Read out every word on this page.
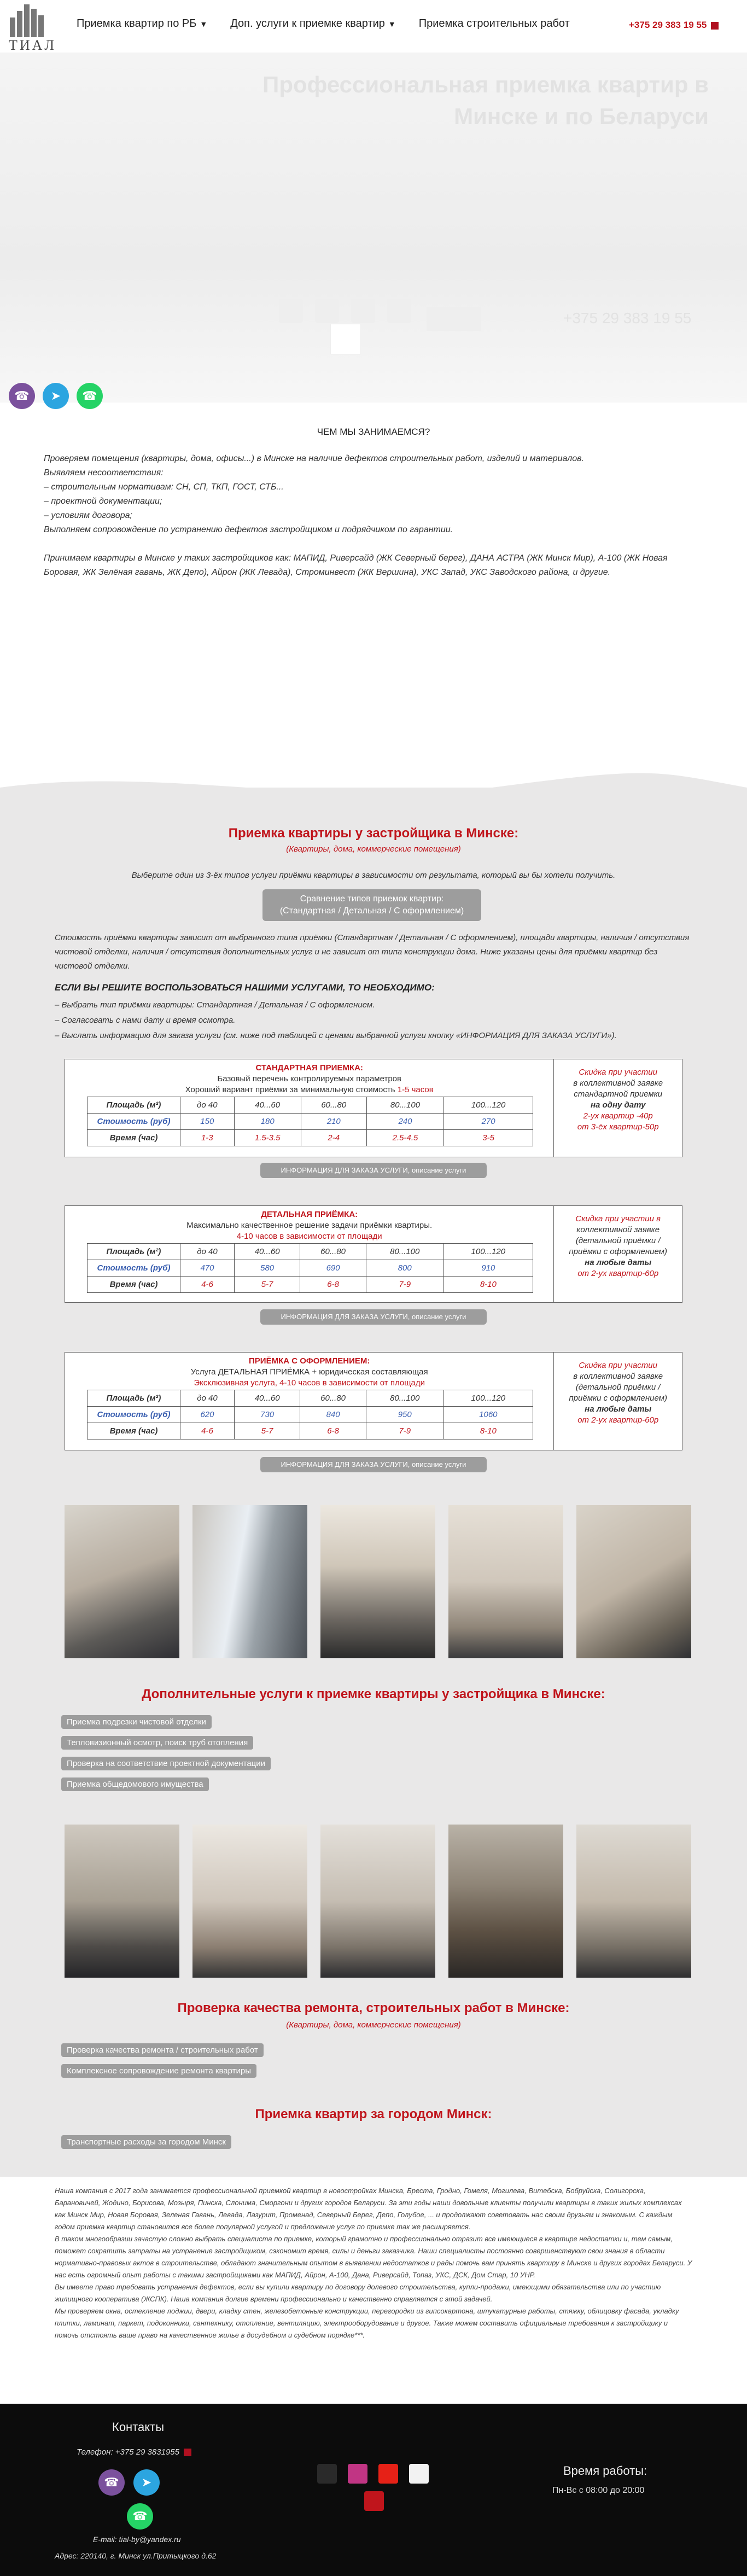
ТИАЛ
Приемка квартир по РБ ▼ Доп. услуги к приемке квартир ▼ Приемка строительных работ	+375 29 383 19 55
Профессиональная приемка квартир в Минске и по Беларуси
+375 29 383 19 55
☎	➤	☎
ЧЕМ МЫ ЗАНИМАЕМСЯ?

Проверяем помещения (квартиры, дома, офисы...) в Минске на наличие дефектов строительных работ, изделий и материалов.

Выявляем несоответствия:

– строительным нормативам: СН, СП, ТКП, ГОСТ, СТБ...

– проектной документации;

– условиям договора;

Выполняем сопровождение по устранению дефектов застройщиком и подрядчиком по гарантии.

Принимаем квартиры в Минске у таких застройщиков как: МАПИД, Риверсайд (ЖК Северный берег), ДАНА АСТРА (ЖК Минск Мир), А-100 (ЖК Новая Боровая, ЖК Зелёная гавань, ЖК Депо), Айрон (ЖК Левада), Строминвест (ЖК Вершина), УКС Запад, УКС Заводского района, и другие.

Приемка квартиры у застройщика в Минске:
(Квартиры, дома, коммерческие помещения)
Выберите один из 3-ёх типов услуги приёмки квартиры в зависимости от результата, который вы бы хотели получить.
Сравнение типов приемок квартир:
(Стандартная / Детальная / С оформлением)
Стоимость приёмки квартиры зависит от выбранного типа приёмки (Стандартная / Детальная / С оформлением), площади квартиры, наличия / отсутствия чистовой отделки, наличия / отсутствия дополнительных услуг и не зависит от типа конструкции дома. Ниже указаны цены для приёмки квартир без чистовой отделки.
ЕСЛИ ВЫ РЕШИТЕ ВОСПОЛЬЗОВАТЬСЯ НАШИМИ УСЛУГАМИ, ТО НЕОБХОДИМО:
– Выбрать тип приёмки квартиры: Стандартная / Детальная / С оформлением.
– Согласовать с нами дату и время осмотра.
– Выслать информацию для заказа услуги (см. ниже под таблицей с ценами выбранной услуги кнопку «ИНФОРМАЦИЯ ДЛЯ ЗАКАЗА УСЛУГИ»).
СТАНДАРТНАЯ ПРИЕМКА:
Базовый перечень контролируемых параметров
Хороший вариант приёмки за минимальную стоимость 1-5 часов
Площадь (м²)	до 40	40...60	60...80	80...100	100...120
Стоимость (руб)	150	180	210	240	270
Время (час)	1-3	1.5-3.5	2-4	2.5-4.5	3-5
Скидка при участии
в коллективной заявке
стандартной приемки
на одну дату
2-ух квартир -40р
от 3-ёх квартир-50р
ИНФОРМАЦИЯ ДЛЯ ЗАКАЗА УСЛУГИ, описание услуги
ДЕТАЛЬНАЯ ПРИЁМКА:
Максимально качественное решение задачи приёмки квартиры.
4-10 часов в зависимости от площади
Площадь (м²)	до 40	40...60	60...80	80...100	100...120
Стоимость (руб)	470	580	690	800	910
Время (час)	4-6	5-7	6-8	7-9	8-10
Скидка при участии в
коллективной заявке
(детальной приёмки /
приёмки с оформлением)
на любые даты
от 2-ух квартир-60р
ИНФОРМАЦИЯ ДЛЯ ЗАКАЗА УСЛУГИ, описание услуги
ПРИЁМКА С ОФОРМЛЕНИЕМ:
Услуга ДЕТАЛЬНАЯ ПРИЁМКА + юридическая составляющая
Эксклюзивная услуга, 4-10 часов в зависимости от площади
Площадь (м²)	до 40	40...60	60...80	80...100	100...120
Стоимость (руб)	620	730	840	950	1060
Время (час)	4-6	5-7	6-8	7-9	8-10
Скидка при участии
в коллективной заявке
(детальной приёмки /
приёмки с оформлением)
на любые даты
от 2-ух квартир-60р
ИНФОРМАЦИЯ ДЛЯ ЗАКАЗА УСЛУГИ, описание услуги
Дополнительные услуги к приемке квартиры у застройщика в Минске:
Приемка подрезки чистовой отделки
Тепловизионный осмотр, поиск труб отопления
Проверка на соответствие проектной документации
Приемка общедомового имущества
Проверка качества ремонта, строительных работ в Минске:
(Квартиры, дома, коммерческие помещения)
Проверка качества ремонта / строительных работ
Комплексное сопровождение ремонта квартиры
Приемка квартир за городом Минск:
Транспортные расходы за городом Минск

Наша компания с 2017 года занимается профессиональной приемкой квартир в новостройках Минска, Бреста, Гродно, Гомеля, Могилева, Витебска, Бобруйска, Солигорска, Барановичей, Жодино, Борисова, Мозыря, Пинска, Слонима, Сморгони и других городов Беларуси. За эти годы наши довольные клиенты получили квартиры в таких жилых комплексах как Минск Мир, Новая Боровая, Зеленая Гавань, Левада, Лазурит, Променад, Северный Берег, Депо, Голубое, ... и продолжают советовать нас своим друзьям и знакомым. С каждым годом приемка квартир становится все более популярной услугой и предложение услуг по приемке так же расширяется.

В таком многообразии зачастую сложно выбрать специалиста по приемке, который грамотно и профессионально отразит все имеющиеся в квартире недостатки и, тем самым, поможет сократить затраты на устранение застройщиком, сэкономит время, силы и деньги заказчика. Наши специалисты постоянно совершенствуют свои знания в области нормативно-правовых актов в строительстве, обладают значительным опытом в выявлении недостатков и рады помочь вам принять квартиру в Минске и других городах Беларуси. У нас есть огромный опыт работы с такими застройщиками как МАПИД, Айрон, А-100, Дана, Риверсайд, Топаз, УКС, ДСК, Дом Стар, 10 УНР.

Вы имеете право требовать устранения дефектов, если вы купили квартиру по договору долевого строительства, купли-продажи, имеющими обязательства или по участию жилищного кооператива (ЖСПК). Наша компания долгие времени профессионально и качественно справляется с этой задачей.

Мы проверяем окна, остекление лоджии, двери, кладку стен, железобетонные конструкции, перегородки из гипсокартона, штукатурные работы, стяжку, облицовку фасада, укладку плитки, ламинат, паркет, подоконники, сантехнику, отопление, вентиляцию, электрооборудование и другое. Также можем составить официальные требования к застройщику и помочь отстоять ваше право на качественное жилье в досудебном и судебном порядке***.

Контакты
Телефон: +375 29 3831955
☎	➤
☎
E-mail: tial-by@yandex.ru
Адрес: 220140, г. Минск ул.Притыцкого д.62
Время работы:
Пн-Вс с 08:00 до 20:00
